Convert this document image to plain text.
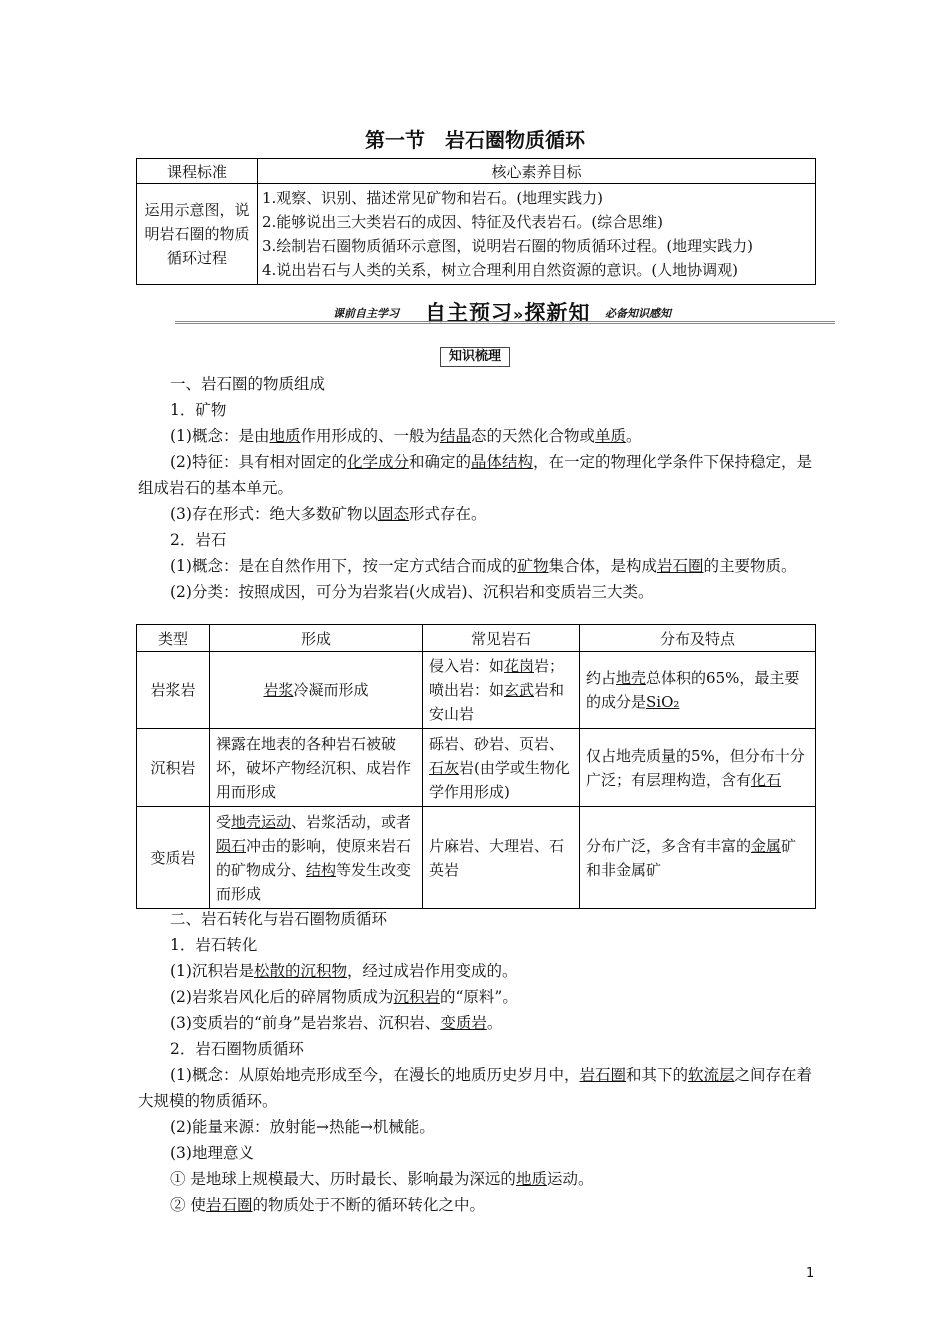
第一节　岩石圈物质循环
课程标准	核心素养目标
运用示意图，说明岩石圈的物质循环过程	1.观察、识别、描述常见矿物和岩石。(地理实践力)
2.能够说出三大类岩石的成因、特征及代表岩石。(综合思维)
3.绘制岩石圈物质循环示意图，说明岩石圈的物质循环过程。(地理实践力)
4.说出岩石与人类的关系，树立合理利用自然资源的意识。(人地协调观)
课前自主学习 自主预习»探新知 必备知识感知
知识梳理

一、岩石圈的物质组成

1．矿物

(1)概念：是由地质作用形成的、一般为结晶态的天然化合物或单质。

(2)特征：具有相对固定的化学成分和确定的晶体结构，在一定的物理化学条件下保持稳定，是组成岩石的基本单元。

(3)存在形式：绝大多数矿物以固态形式存在。

2．岩石

(1)概念：是在自然作用下，按一定方式结合而成的矿物集合体，是构成岩石圈的主要物质。

(2)分类：按照成因，可分为岩浆岩(火成岩)、沉积岩和变质岩三大类。

类型	形成	常见岩石	分布及特点
岩浆岩	岩浆冷凝而形成	侵入岩：如花岗岩；喷出岩：如玄武岩和安山岩	约占地壳总体积的65%，最主要的成分是SiO₂
沉积岩	裸露在地表的各种岩石被破坏，破坏产物经沉积、成岩作用而形成	砾岩、砂岩、页岩、石灰岩(由学或生物化学作用形成)	仅占地壳质量的5%，但分布十分广泛；有层理构造，含有化石
变质岩	受地壳运动、岩浆活动，或者陨石冲击的影响，使原来岩石的矿物成分、结构等发生改变而形成	片麻岩、大理岩、石英岩	分布广泛，多含有丰富的金属矿和非金属矿

二、岩石转化与岩石圈物质循环

1．岩石转化

(1)沉积岩是松散的沉积物，经过成岩作用变成的。

(2)岩浆岩风化后的碎屑物质成为沉积岩的“原料”。

(3)变质岩的“前身”是岩浆岩、沉积岩、变质岩。

2．岩石圈物质循环

(1)概念：从原始地壳形成至今，在漫长的地质历史岁月中，岩石圈和其下的软流层之间存在着大规模的物质循环。

(2)能量来源：放射能→热能→机械能。

(3)地理意义

① 是地球上规模最大、历时最长、影响最为深远的地质运动。

② 使岩石圈的物质处于不断的循环转化之中。

1
